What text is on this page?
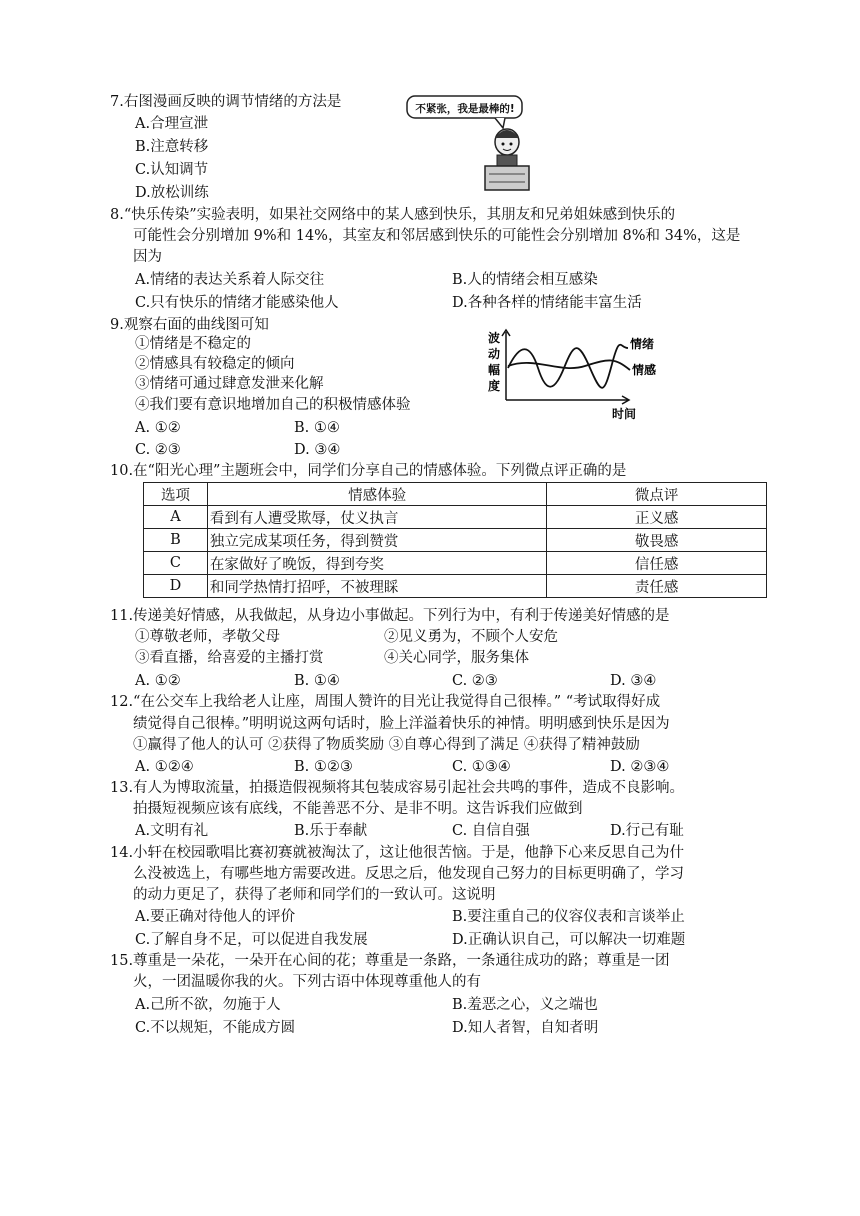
7.右图漫画反映的调节情绪的方法是
A.合理宣泄
B.注意转移
C.认知调节
D.放松训练
不紧张，我是最棒的!
8.“快乐传染”实验表明，如果社交网络中的某人感到快乐，其朋友和兄弟姐妹感到快乐的
可能性会分别增加 9%和 14%，其室友和邻居感到快乐的可能性会分别增加 8%和 34%，这是
因为
A.情绪的表达关系着人际交往	B.人的情绪会相互感染
C.只有快乐的情绪才能感染他人	D.各种各样的情绪能丰富生活
9.观察右面的曲线图可知
①情绪是不稳定的
②情感具有较稳定的倾向
③情绪可通过肆意发泄来化解
④我们要有意识地增加自己的积极情感体验
A. ①②	B. ①④
C. ②③	D. ③④
波
动
幅
度
情绪
情感
时间
10.在“阳光心理”主题班会中，同学们分享自己的情感体验。下列微点评正确的是
选项	情感体验	微点评
A	看到有人遭受欺辱，仗义执言	正义感
B	独立完成某项任务，得到赞赏	敬畏感
C	在家做好了晚饭，得到夸奖	信任感
D	和同学热情打招呼，不被理睬	责任感
11.传递美好情感，从我做起，从身边小事做起。下列行为中，有利于传递美好情感的是
①尊敬老师，孝敬父母	②见义勇为，不顾个人安危
③看直播，给喜爱的主播打赏	④关心同学，服务集体
A. ①②	B. ①④	C. ②③	D. ③④
12.“在公交车上我给老人让座，周围人赞许的目光让我觉得自己很棒。” “考试取得好成
绩觉得自己很棒。”明明说这两句话时，脸上洋溢着快乐的神情。明明感到快乐是因为
①赢得了他人的认可 ②获得了物质奖励 ③自尊心得到了满足 ④获得了精神鼓励
A. ①②④	B. ①②③	C. ①③④	D. ②③④
13.有人为博取流量，拍摄造假视频将其包装成容易引起社会共鸣的事件，造成不良影响。
拍摄短视频应该有底线，不能善恶不分、是非不明。这告诉我们应做到
A.文明有礼	B.乐于奉献	C. 自信自强	D.行己有耻
14.小轩在校园歌唱比赛初赛就被淘汰了，这让他很苦恼。于是，他静下心来反思自己为什
么没被选上，有哪些地方需要改进。反思之后，他发现自己努力的目标更明确了，学习
的动力更足了，获得了老师和同学们的一致认可。这说明
A.要正确对待他人的评价	B.要注重自己的仪容仪表和言谈举止
C.了解自身不足，可以促进自我发展	D.正确认识自己，可以解决一切难题
15.尊重是一朵花，一朵开在心间的花；尊重是一条路，一条通往成功的路；尊重是一团
火，一团温暖你我的火。下列古语中体现尊重他人的有
A.己所不欲，勿施于人	B.羞恶之心，义之端也
C.不以规矩，不能成方圆	D.知人者智，自知者明
